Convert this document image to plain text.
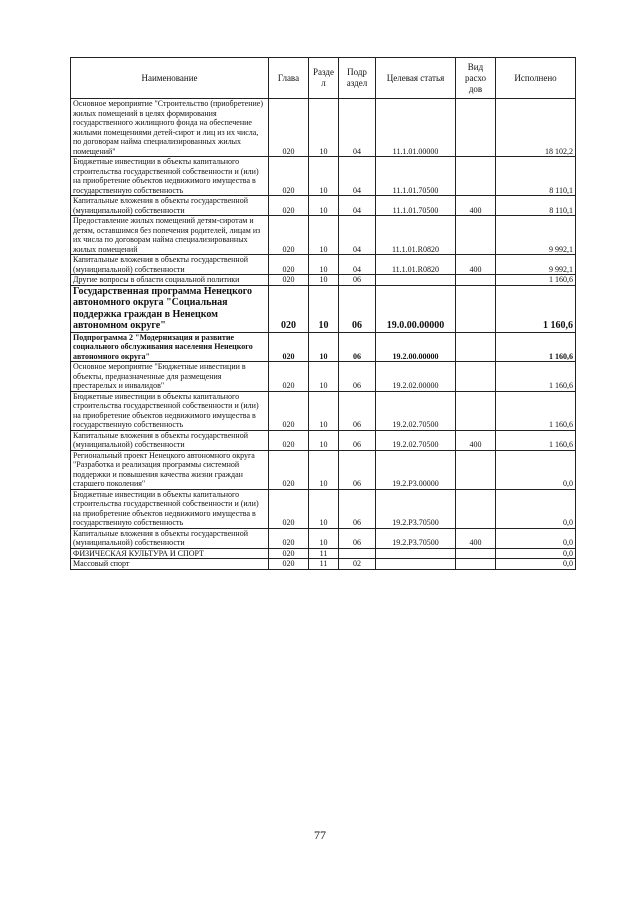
Наименование	Глава	Разде л	Подр аздел	Целевая статья	Вид расхо дов	Исполнено
Основное мероприятие "Строительство (приобретение) жилых помещений в целях формирования государственного жилищного фонда на обеспечение жилыми помещениями детей-сирот и лиц из их числа, по договорам найма специализированных жилых помещений"	020	10	04	11.1.01.00000		18 102,2
Бюджетные инвестиции в объекты капитального строительства государственной собственности и (или) на приобретение объектов недвижимого имущества в государственную собственность	020	10	04	11.1.01.70500		8 110,1
Капитальные вложения в объекты государственной (муниципальной) собственности	020	10	04	11.1.01.70500	400	8 110,1
Предоставление жилых помещений детям-сиротам и детям, оставшимся без попечения родителей, лицам из их числа по договорам найма специализированных жилых помещений	020	10	04	11.1.01.R0820		9 992,1
Капитальные вложения в объекты государственной (муниципальной) собственности	020	10	04	11.1.01.R0820	400	9 992,1
Другие вопросы в области социальной политики	020	10	06			1 160,6
Государственная программа Ненецкого автономного округа "Социальная поддержка граждан в Ненецком автономном округе"	020	10	06	19.0.00.00000		1 160,6
Подпрограмма 2 "Модернизация и развитие социального обслуживания населения Ненецкого автономного округа"	020	10	06	19.2.00.00000		1 160,6
Основное мероприятие "Бюджетные инвестиции в объекты, предназначенные для размещения престарелых и инвалидов"	020	10	06	19.2.02.00000		1 160,6
Бюджетные инвестиции в объекты капитального строительства государственной собственности и (или) на приобретение объектов недвижимого имущества в государственную собственность	020	10	06	19.2.02.70500		1 160,6
Капитальные вложения в объекты государственной (муниципальной) собственности	020	10	06	19.2.02.70500	400	1 160,6
Региональный проект Ненецкого автономного округа "Разработка и реализация программы системной поддержки и повышения качества жизни граждан старшего поколения"	020	10	06	19.2.P3.00000		0,0
Бюджетные инвестиции в объекты капитального строительства государственной собственности и (или) на приобретение объектов недвижимого имущества в государственную собственность	020	10	06	19.2.P3.70500		0,0
Капитальные вложения в объекты государственной (муниципальной) собственности	020	10	06	19.2.P3.70500	400	0,0
ФИЗИЧЕСКАЯ КУЛЬТУРА И СПОРТ	020	11				0,0
Массовый спорт	020	11	02			0,0
77
